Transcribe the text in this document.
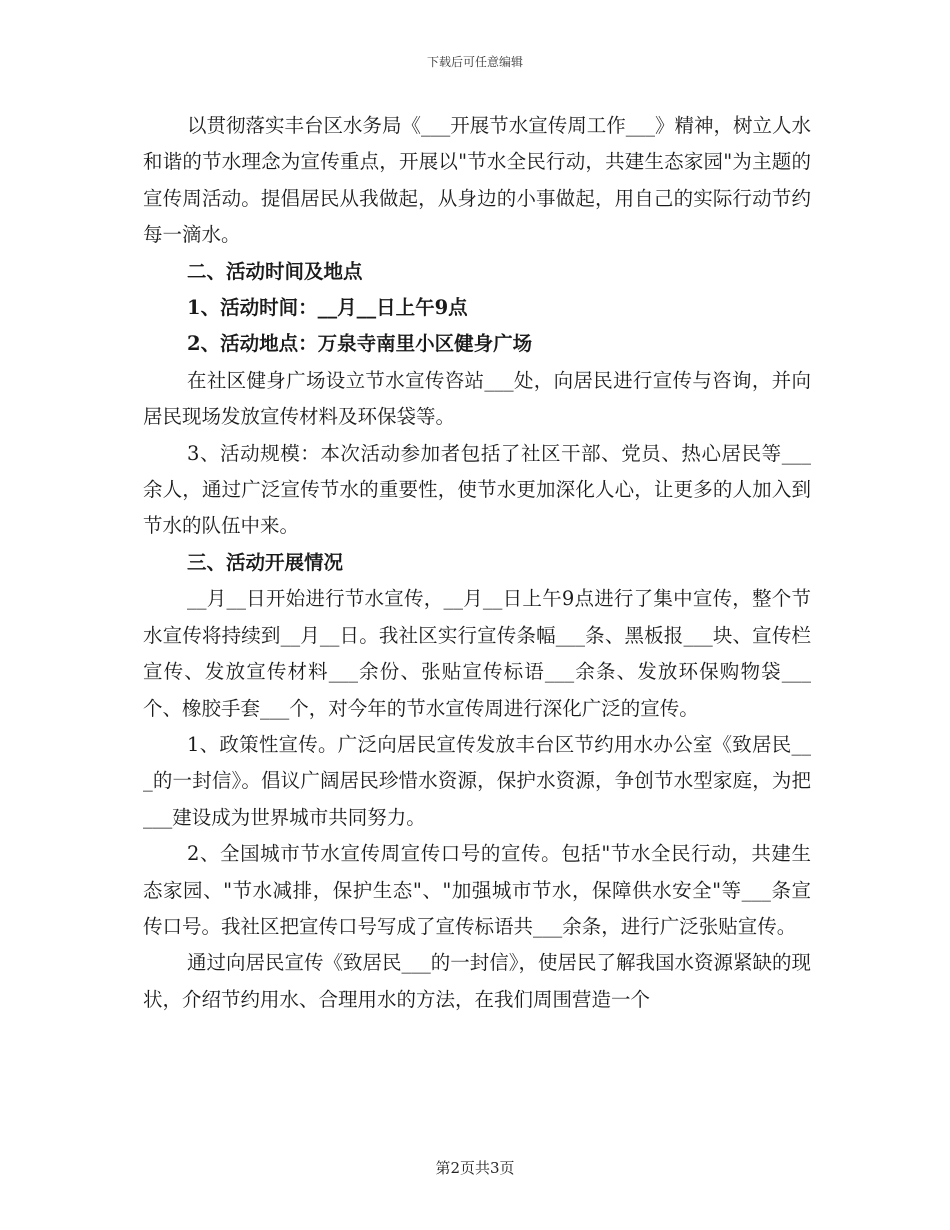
下载后可任意编辑

以贯彻落实丰台区水务局《___开展节水宣传周工作___》精神，树立人水和谐的节水理念为宣传重点，开展以"节水全民行动，共建生态家园"为主题的宣传周活动。提倡居民从我做起，从身边的小事做起，用自己的实际行动节约每一滴水。

二、活动时间及地点

1、活动时间：__月__日上午9点

2、活动地点：万泉寺南里小区健身广场

在社区健身广场设立节水宣传咨站___处，向居民进行宣传与咨询，并向居民现场发放宣传材料及环保袋等。

3、活动规模：本次活动参加者包括了社区干部、党员、热心居民等___余人，通过广泛宣传节水的重要性，使节水更加深化人心，让更多的人加入到节水的队伍中来。

三、活动开展情况

__月__日开始进行节水宣传，__月__日上午9点进行了集中宣传，整个节水宣传将持续到__月__日。我社区实行宣传条幅___条、黑板报___块、宣传栏宣传、发放宣传材料___余份、张贴宣传标语___余条、发放环保购物袋___个、橡胶手套___个，对今年的节水宣传周进行深化广泛的宣传。

1、政策性宣传。广泛向居民宣传发放丰台区节约用水办公室《致居民___的一封信》。倡议广阔居民珍惜水资源，保护水资源，争创节水型家庭，为把___建设成为世界城市共同努力。

2、全国城市节水宣传周宣传口号的宣传。包括"节水全民行动，共建生态家园、"节水减排，保护生态"、"加强城市节水，保障供水安全"等___条宣传口号。我社区把宣传口号写成了宣传标语共___余条，进行广泛张贴宣传。

通过向居民宣传《致居民___的一封信》，使居民了解我国水资源紧缺的现状，介绍节约用水、合理用水的方法，在我们周围营造一个

第2页共3页
